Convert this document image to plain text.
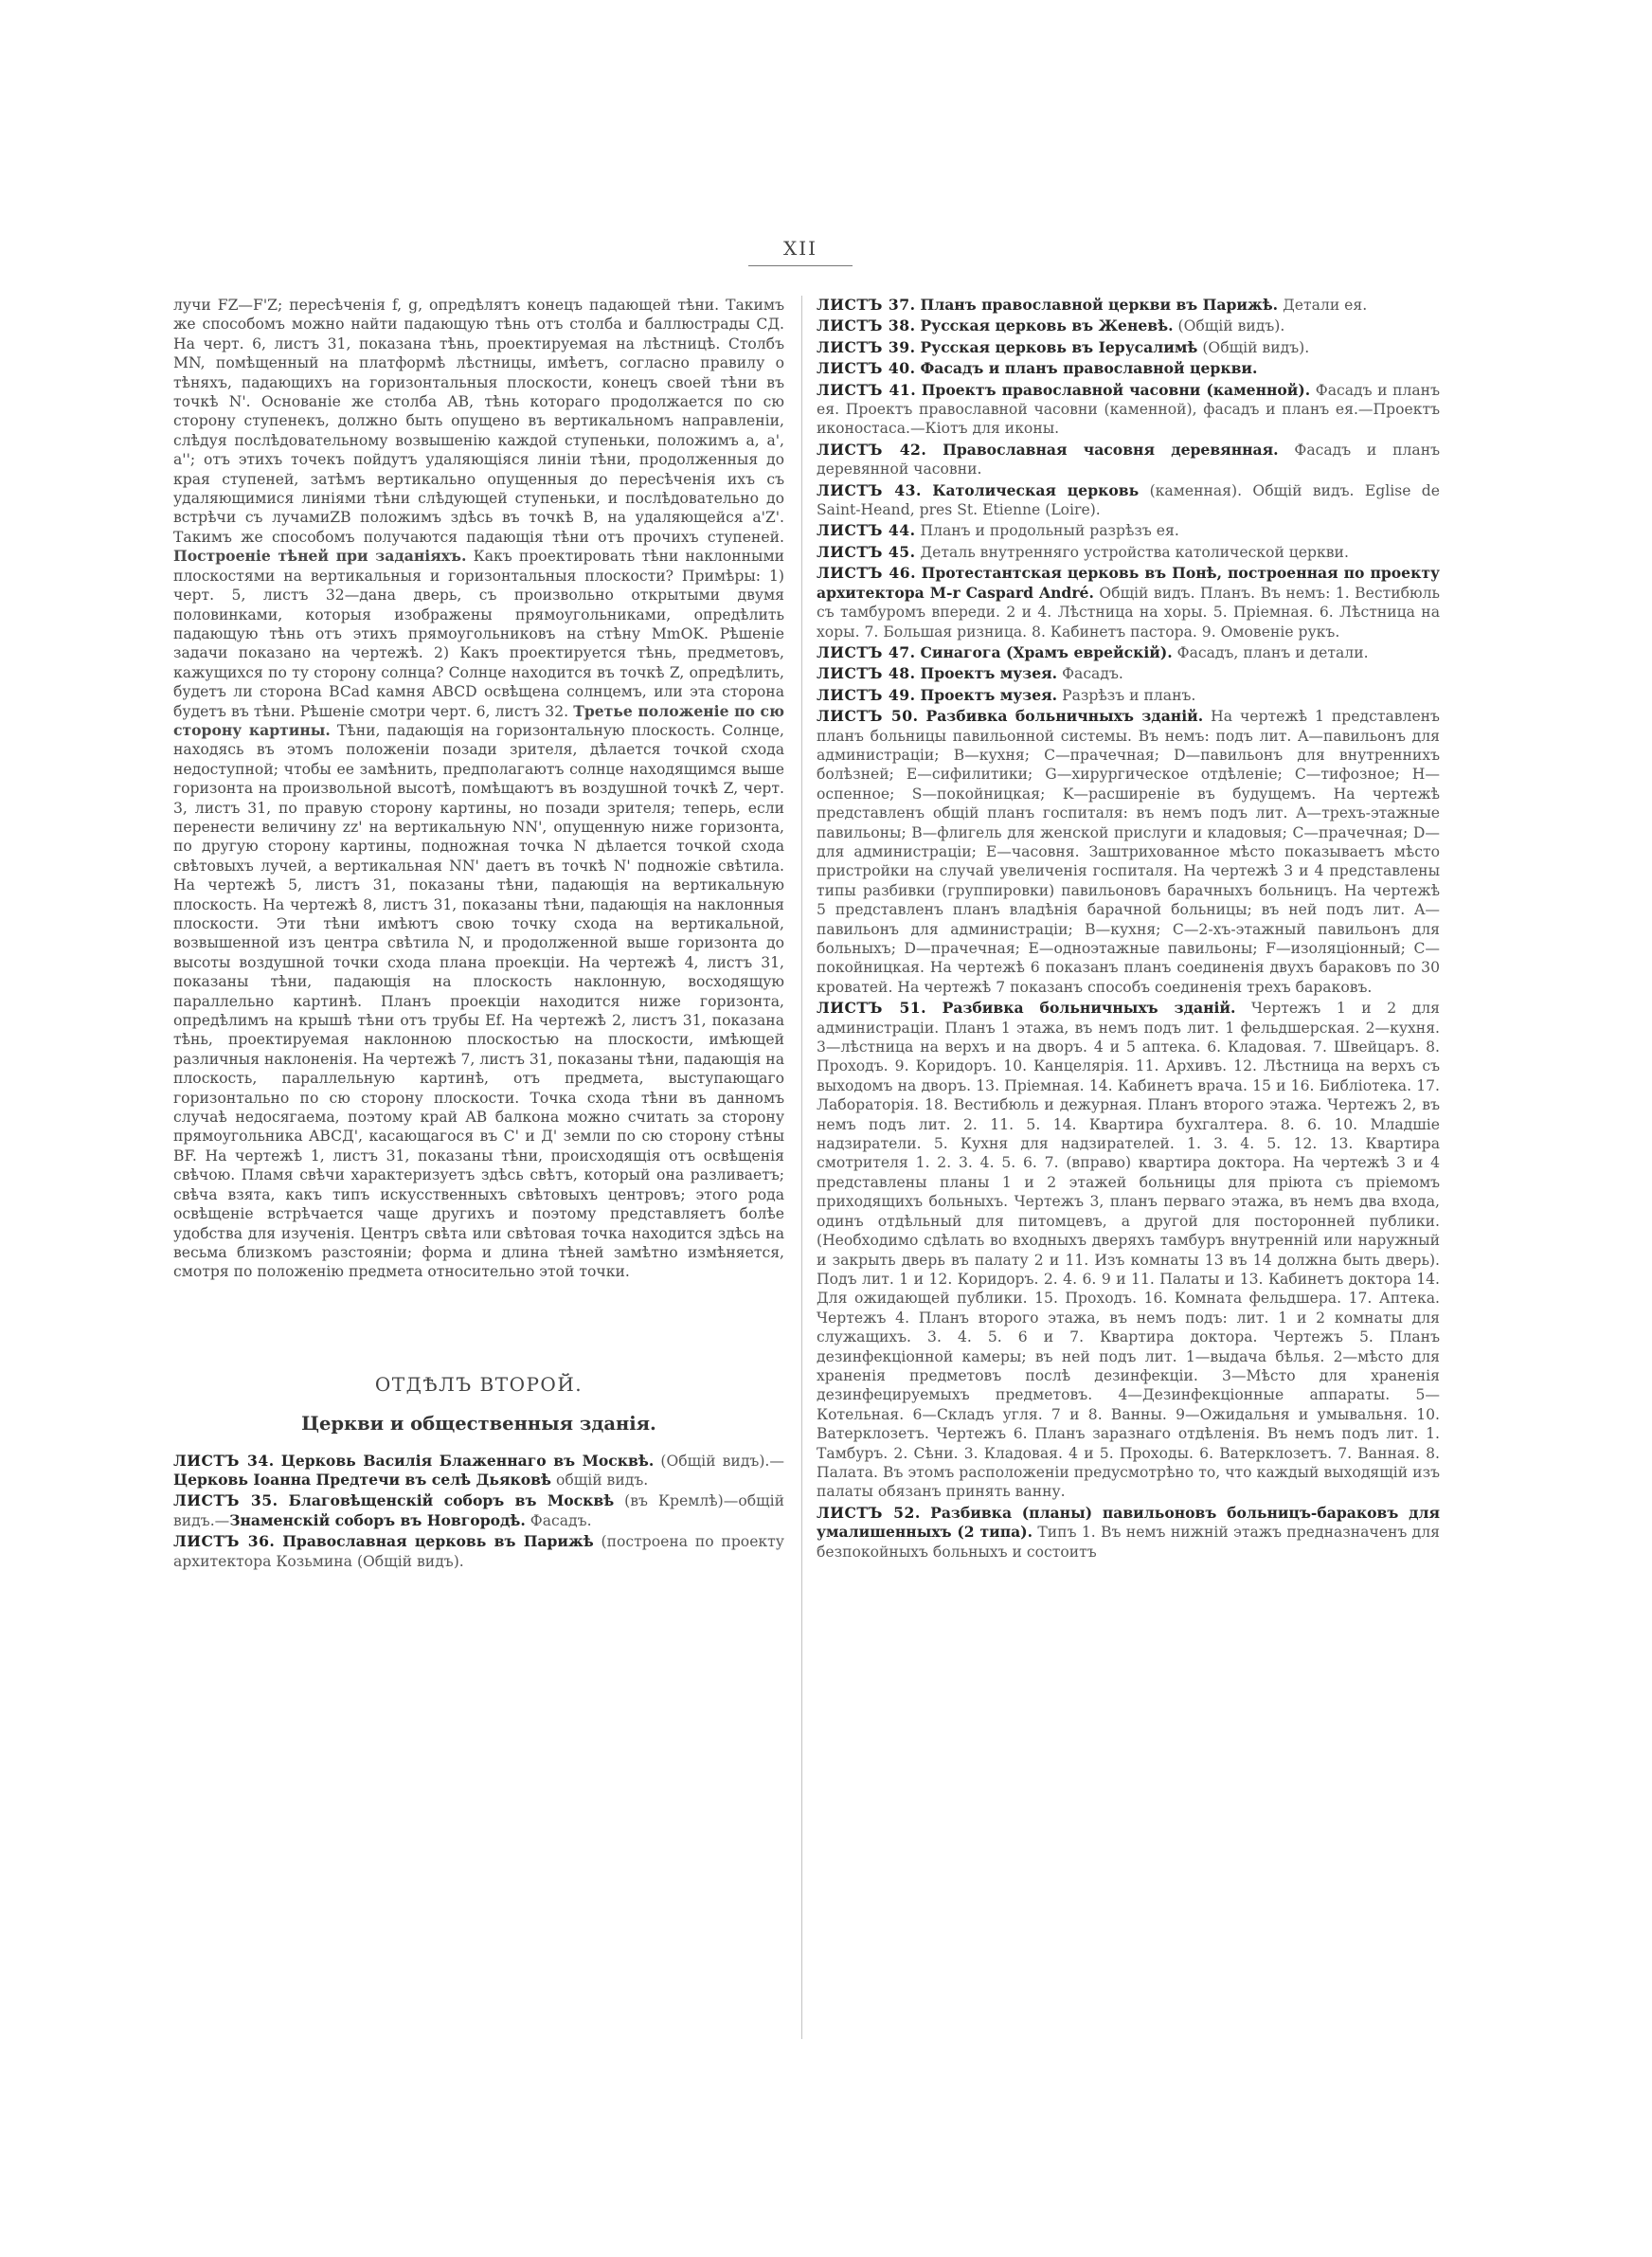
XII

лучи FZ—F'Z; пересѣченія f, g, опредѣлятъ конецъ падающей тѣни. Такимъ же способомъ можно найти падающую тѣнь отъ столба и баллюстрады СД. На черт. 6, листъ 31, показана тѣнь, проектируемая на лѣстницѣ. Столбъ MN, помѣщенный на платформѣ лѣстницы, имѣетъ, согласно правилу о тѣняхъ, падающихъ на горизонтальныя плоскости, конецъ своей тѣни въ точкѣ N'. Основаніе же столба AB, тѣнь котораго продолжается по сю сторону ступенекъ, должно быть опущено въ вертикальномъ направленіи, слѣдуя послѣдовательному возвышенію каждой ступеньки, положимъ a, a', a''; отъ этихъ точекъ пойдутъ удаляющіяся линіи тѣни, продолженныя до края ступеней, затѣмъ вертикально опущенныя до пересѣченія ихъ съ удаляющимися линіями тѣни слѣдующей ступеньки, и послѣдовательно до встрѣчи съ лучамиZB положимъ здѣсь въ точкѣ B, на удаляющейся a'Z'. Такимъ же способомъ получаются падающія тѣни отъ прочихъ ступеней. Построеніе тѣней при заданіяхъ. Какъ проектировать тѣни наклонными плоскостями на вертикальныя и горизонтальныя плоскости? Примѣры: 1) черт. 5, листъ 32—дана дверь, съ произвольно открытыми двумя половинками, которыя изображены прямоугольниками, опредѣлить падающую тѣнь отъ этихъ прямоугольниковъ на стѣну MmOK. Рѣшеніе задачи показано на чертежѣ. 2) Какъ проектируется тѣнь, предметовъ, кажущихся по ту сторону солнца? Солнце находится въ точкѣ Z, опредѣлить, будетъ ли сторона BCad камня ABCD освѣщена солнцемъ, или эта сторона будетъ въ тѣни. Рѣшеніе смотри черт. 6, листъ 32. Третье положеніе по сю сторону картины. Тѣни, падающія на горизонтальную плоскость. Солнце, находясь въ этомъ положеніи позади зрителя, дѣлается точкой схода недоступной; чтобы ее замѣнить, предполагаютъ солнце находящимся выше горизонта на произвольной высотѣ, помѣщаютъ въ воздушной точкѣ Z, черт. 3, листъ 31, по правую сторону картины, но позади зрителя; теперь, если перенести величину zz' на вертикальную NN', опущенную ниже горизонта, по другую сторону картины, подножная точка N дѣлается точкой схода свѣтовыхъ лучей, а вертикальная NN' даетъ въ точкѣ N' подножіе свѣтила. На чертежѣ 5, листъ 31, показаны тѣни, падающія на вертикальную плоскость. На чертежѣ 8, листъ 31, показаны тѣни, падающія на наклонныя плоскости. Эти тѣни имѣютъ свою точку схода на вертикальной, возвышенной изъ центра свѣтила N, и продолженной выше горизонта до высоты воздушной точки схода плана проекціи. На чертежѣ 4, листъ 31, показаны тѣни, падающія на плоскость наклонную, восходящую параллельно картинѣ. Планъ проекціи находится ниже горизонта, опредѣлимъ на крышѣ тѣни отъ трубы Ef. На чертежѣ 2, листъ 31, показана тѣнь, проектируемая наклонною плоскостью на плоскости, имѣющей различныя наклоненія. На чертежѣ 7, листъ 31, показаны тѣни, падающія на плоскость, параллельную картинѣ, отъ предмета, выступающаго горизонтально по сю сторону плоскости. Точка схода тѣни въ данномъ случаѣ недосягаема, поэтому край AB балкона можно считать за сторону прямоугольника ABCД', касающагося въ C' и Д' земли по сю сторону стѣны BF. На чертежѣ 1, листъ 31, показаны тѣни, происходящія отъ освѣщенія свѣчою. Пламя свѣчи характеризуетъ здѣсь свѣтъ, который она разливаетъ; свѣча взята, какъ типъ искусственныхъ свѣтовыхъ центровъ; этого рода освѣщеніе встрѣчается чаще другихъ и поэтому представляетъ болѣе удобства для изученія. Центръ свѣта или свѣтовая точка находится здѣсь на весьма близкомъ разстояніи; форма и длина тѣней замѣтно измѣняется, смотря по положенію предмета относительно этой точки.

ОТДѢЛЪ ВТОРОЙ.
Церкви и общественныя зданія.

ЛИСТЪ 34. Церковь Василія Блаженнаго въ Москвѣ. (Общій видъ).—Церковь Іоанна Предтечи въ селѣ Дьяковѣ общій видъ.

ЛИСТЪ 35. Благовѣщенскій соборъ въ Москвѣ (въ Кремлѣ)—общій видъ.—Знаменскій соборъ въ Новгородѣ. Фасадъ.

ЛИСТЪ 36. Православная церковь въ Парижѣ (построена по проекту архитектора Козьмина (Общій видъ).

ЛИСТЪ 37. Планъ православной церкви въ Парижѣ. Детали ея.

ЛИСТЪ 38. Русская церковь въ Женевѣ. (Общій видъ).

ЛИСТЪ 39. Русская церковь въ Іерусалимѣ (Общій видъ).

ЛИСТЪ 40. Фасадъ и планъ православной церкви.

ЛИСТЪ 41. Проектъ православной часовни (каменной). Фасадъ и планъ ея. Проектъ православной часовни (каменной), фасадъ и планъ ея.—Проектъ иконостаса.—Кіотъ для иконы.

ЛИСТЪ 42. Православная часовня деревянная. Фасадъ и планъ деревянной часовни.

ЛИСТЪ 43. Католическая церковь (каменная). Общій видъ. Eglise de Saint-Heand, pres St. Etienne (Loire).

ЛИСТЪ 44. Планъ и продольный разрѣзъ ея.

ЛИСТЪ 45. Деталь внутренняго устройства католической церкви.

ЛИСТЪ 46. Протестантская церковь въ Понѣ, построенная по проекту архитектора M-r Caspard André. Общій видъ. Планъ. Въ немъ: 1. Вестибюль съ тамбуромъ впереди. 2 и 4. Лѣстница на хоры. 5. Пріемная. 6. Лѣстница на хоры. 7. Большая ризница. 8. Кабинетъ пастора. 9. Омовеніе рукъ.

ЛИСТЪ 47. Синагога (Храмъ еврейскій). Фасадъ, планъ и детали.

ЛИСТЪ 48. Проектъ музея. Фасадъ.

ЛИСТЪ 49. Проектъ музея. Разрѣзъ и планъ.

ЛИСТЪ 50. Разбивка больничныхъ зданій. На чертежѣ 1 представленъ планъ больницы павильонной системы. Въ немъ: подъ лит. A—павильонъ для администраціи; B—кухня; C—прачечная; D—павильонъ для внутреннихъ болѣзней; E—сифилитики; G—хирургическое отдѣленіе; C—тифозное; H—оспенное; S—покойницкая; K—расширеніе въ будущемъ. На чертежѣ представленъ общій планъ госпиталя: въ немъ подъ лит. A—трехъ-этажные павильоны; B—флигель для женской прислуги и кладовыя; C—прачечная; D—для администраціи; E—часовня. Заштрихованное мѣсто показываетъ мѣсто пристройки на случай увеличенія госпиталя. На чертежѣ 3 и 4 представлены типы разбивки (группировки) павильоновъ барачныхъ больницъ. На чертежѣ 5 представленъ планъ владѣнія барачной больницы; въ ней подъ лит. A—павильонъ для администраціи; B—кухня; C—2-хъ-этажный павильонъ для больныхъ; D—прачечная; E—одноэтажные павильоны; F—изоляціонный; C—покойницкая. На чертежѣ 6 показанъ планъ соединенія двухъ бараковъ по 30 кроватей. На чертежѣ 7 показанъ способъ соединенія трехъ бараковъ.

ЛИСТЪ 51. Разбивка больничныхъ зданій. Чертежъ 1 и 2 для администраціи. Планъ 1 этажа, въ немъ подъ лит. 1 фельдшерская. 2—кухня. 3—лѣстница на верхъ и на дворъ. 4 и 5 аптека. 6. Кладовая. 7. Швейцаръ. 8. Проходъ. 9. Коридоръ. 10. Канцелярія. 11. Архивъ. 12. Лѣстница на верхъ съ выходомъ на дворъ. 13. Пріемная. 14. Кабинетъ врача. 15 и 16. Библіотека. 17. Лабораторія. 18. Вестибюль и дежурная. Планъ второго этажа. Чертежъ 2, въ немъ подъ лит. 2. 11. 5. 14. Квартира бухгалтера. 8. 6. 10. Младшіе надзиратели. 5. Кухня для надзирателей. 1. 3. 4. 5. 12. 13. Квартира смотрителя 1. 2. 3. 4. 5. 6. 7. (вправо) квартира доктора. На чертежѣ 3 и 4 представлены планы 1 и 2 этажей больницы для пріюта съ пріемомъ приходящихъ больныхъ. Чертежъ 3, планъ перваго этажа, въ немъ два входа, одинъ отдѣльный для питомцевъ, а другой для посторонней публики. (Необходимо сдѣлать во входныхъ дверяхъ тамбуръ внутренній или наружный и закрыть дверь въ палату 2 и 11. Изъ комнаты 13 въ 14 должна быть дверь). Подъ лит. 1 и 12. Коридоръ. 2. 4. 6. 9 и 11. Палаты и 13. Кабинетъ доктора 14. Для ожидающей публики. 15. Проходъ. 16. Комната фельдшера. 17. Аптека. Чертежъ 4. Планъ второго этажа, въ немъ подъ: лит. 1 и 2 комнаты для служащихъ. 3. 4. 5. 6 и 7. Квартира доктора. Чертежъ 5. Планъ дезинфекціонной камеры; въ ней подъ лит. 1—выдача бѣлья. 2—мѣсто для храненія предметовъ послѣ дезинфекціи. 3—Мѣсто для храненія дезинфецируемыхъ предметовъ. 4—Дезинфекціонные аппараты. 5—Котельная. 6—Складъ угля. 7 и 8. Ванны. 9—Ожидальня и умывальня. 10. Ватерклозетъ. Чертежъ 6. Планъ заразнаго отдѣленія. Въ немъ подъ лит. 1. Тамбуръ. 2. Сѣни. 3. Кладовая. 4 и 5. Проходы. 6. Ватерклозетъ. 7. Ванная. 8. Палата. Въ этомъ расположеніи предусмотрѣно то, что каждый выходящій изъ палаты обязанъ принять ванну.

ЛИСТЪ 52. Разбивка (планы) павильоновъ больницъ-бараковъ для умалишенныхъ (2 типа). Типъ 1. Въ немъ нижній этажъ предназначенъ для безпокойныхъ больныхъ и состоитъ
